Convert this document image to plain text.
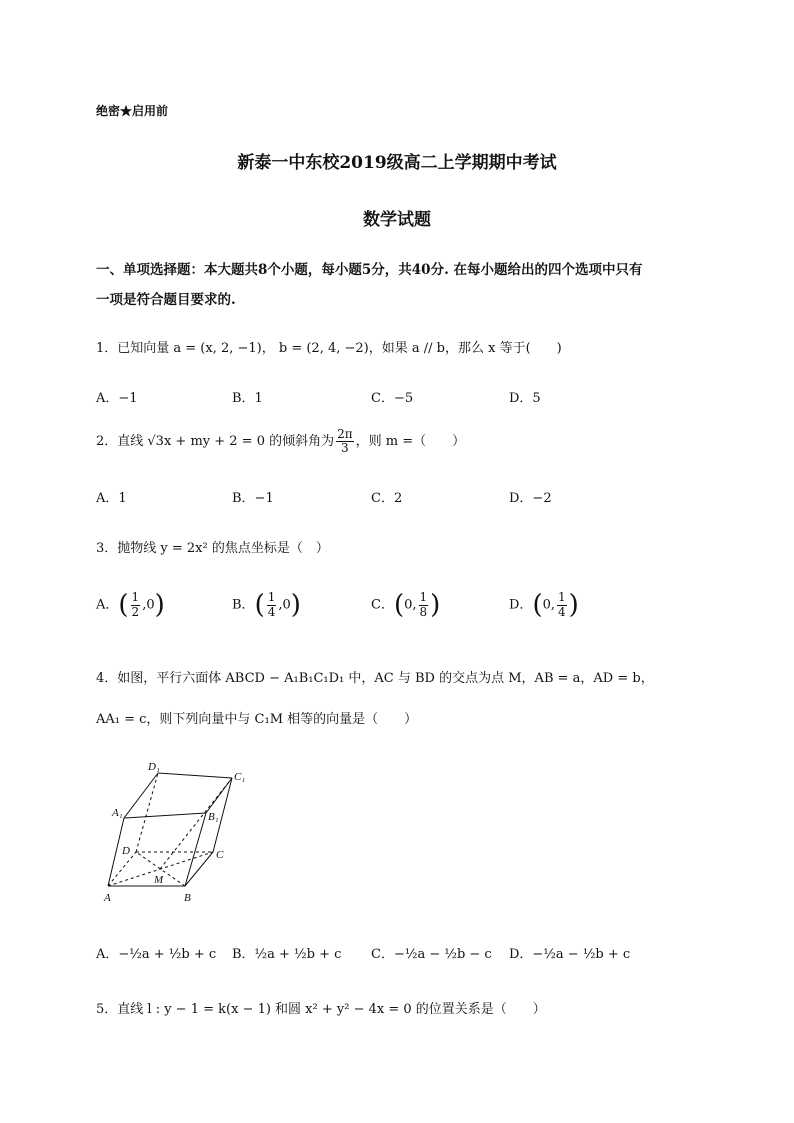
绝密★启用前
新泰一中东校2019级高二上学期期中考试
数学试题
一、单项选择题：本大题共8个小题，每小题5分，共40分. 在每小题给出的四个选项中只有
一项是符合题目要求的.
1．已知向量 a = (x, 2, −1)， b = (2, 4, −2)，如果 a // b，那么 x 等于(　　)
A．−1	B．1	C．−5	D．5
2．直线 √3x + my + 2 = 0 的倾斜角为 $\frac{2\pi}{3}$ ，则 m =（　　）
A．1	B．−1	C．2	D．−2
3．抛物线 y = 2x² 的焦点坐标是（　）
A．( $\frac{1}{2} ,0$)	B．( $\frac{1}{4} ,0$)	C．(0, $\frac{1}{8}$ )	D．(0, $\frac{1}{4}$ )
4．如图，平行六面体 ABCD − A₁B₁C₁D₁ 中，AC 与 BD 的交点为点 M，AB = a，AD = b，
AA₁ = c，则下列向量中与 C₁M 相等的向量是（　　）
D₁
C₁
A₁	B₁
D	C
M
A	B
A．−½a + ½b + c B．½a + ½b + c C．−½a − ½b − c D．−½a − ½b + c
5．直线 l : y − 1 = k(x − 1) 和圆 x² + y² − 4x = 0 的位置关系是（　　）
